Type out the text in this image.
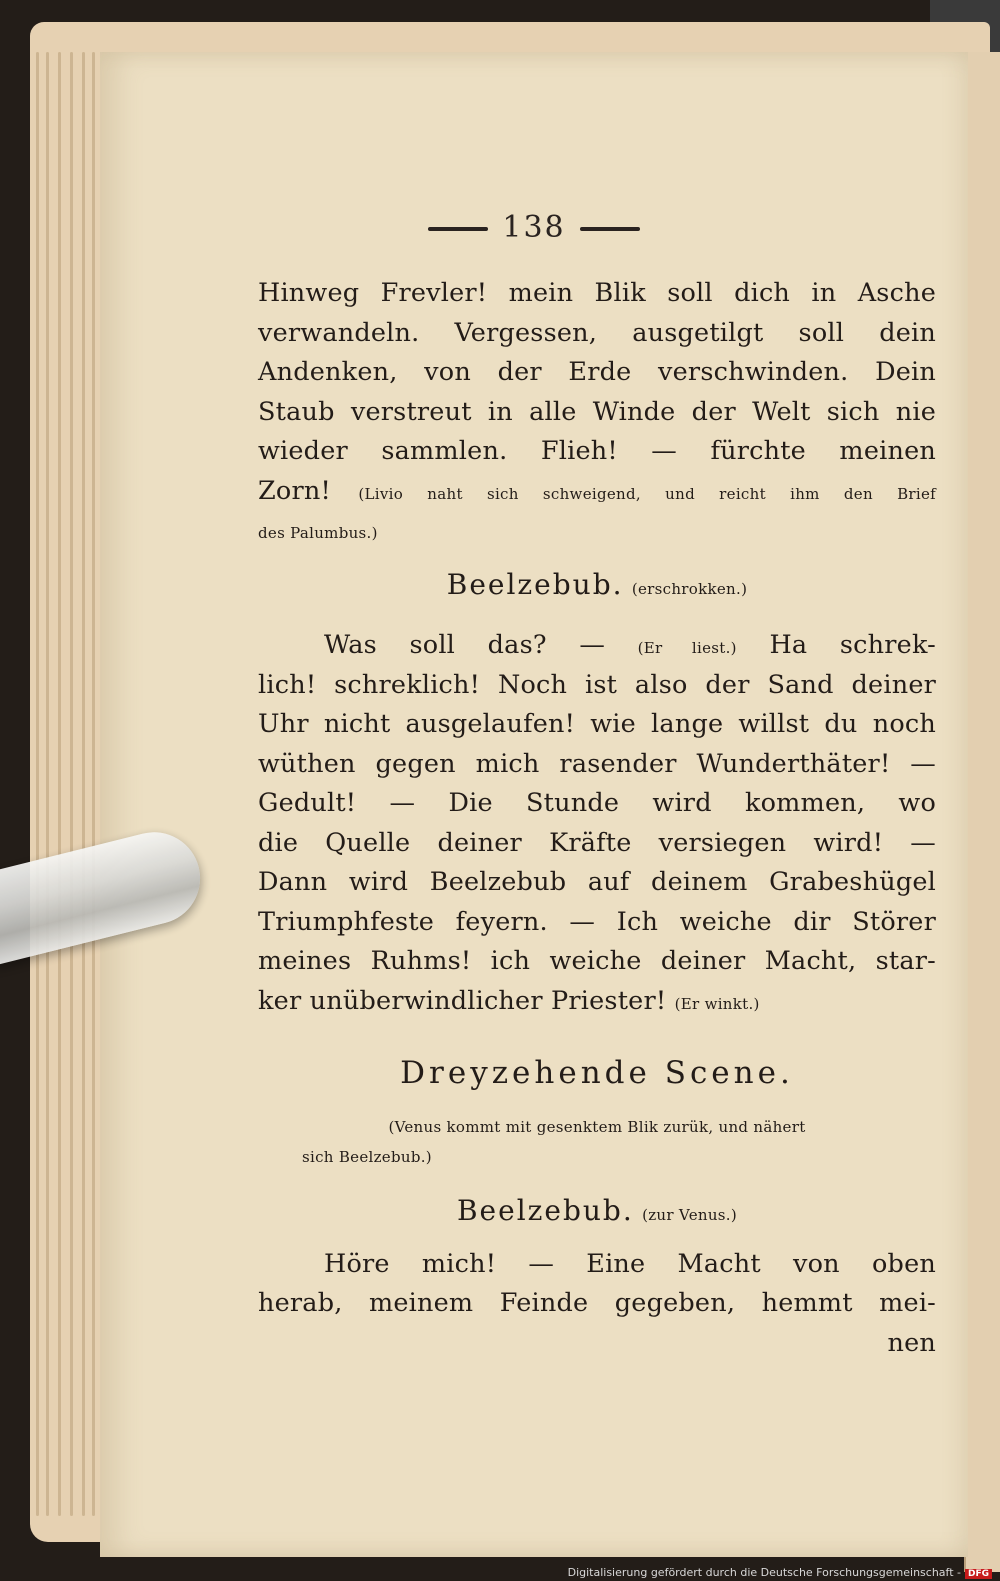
138
Hinweg Frevler! mein Blik soll dich in Asche
verwandeln. Vergessen, ausgetilgt soll dein
Andenken, von der Erde verschwinden. Dein
Staub verstreut in alle Winde der Welt sich nie
wieder sammlen. Flieh! — fürchte meinen
Zorn! (Livio naht sich schweigend, und reicht ihm den Brief
des Palumbus.)
Beelzebub. (erschrokken.)
Was soll das? — (Er liest.) Ha schrek-
lich! schreklich! Noch ist also der Sand deiner
Uhr nicht ausgelaufen! wie lange willst du noch
wüthen gegen mich rasender Wunderthäter! —
Gedult! — Die Stunde wird kommen, wo
die Quelle deiner Kräfte versiegen wird! —
Dann wird Beelzebub auf deinem Grabeshügel
Triumphfeste feyern. — Ich weiche dir Störer
meines Ruhms! ich weiche deiner Macht, star-
ker unüberwindlicher Priester! (Er winkt.)
Dreyzehende Scene.
(Venus kommt mit gesenktem Blik zurük, und nähert
sich Beelzebub.)
Beelzebub. (zur Venus.)
Höre mich! — Eine Macht von oben
herab, meinem Feinde gegeben, hemmt mei-
nen
Digitalisierung gefördert durch die Deutsche Forschungsgemeinschaft - DFG
